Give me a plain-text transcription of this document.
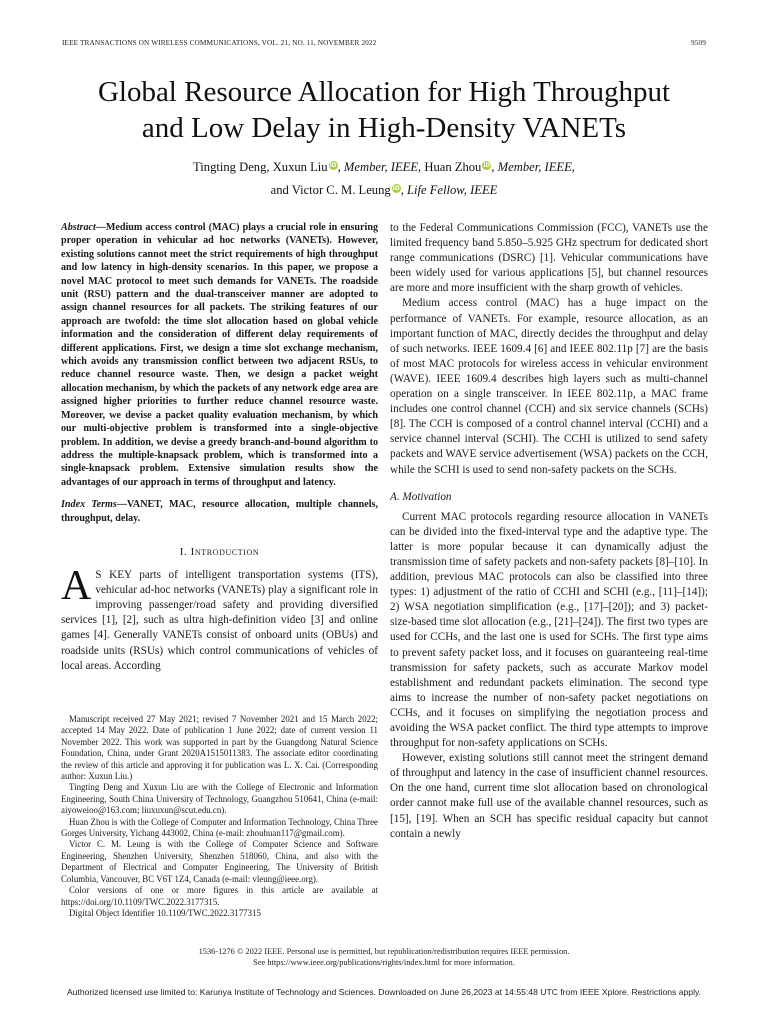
IEEE TRANSACTIONS ON WIRELESS COMMUNICATIONS, VOL. 21, NO. 11, NOVEMBER 2022	9509
Global Resource Allocation for High Throughput
and Low Delay in High-Density VANETs
Tingting Deng, Xuxun Liu iD, Member, IEEE, Huan Zhou iD, Member, IEEE,
and Victor C. M. Leung iD, Life Fellow, IEEE
Abstract—Medium access control (MAC) plays a crucial role in ensuring proper operation in vehicular ad hoc networks (VANETs). However, existing solutions cannot meet the strict requirements of high throughput and low latency in high-density scenarios. In this paper, we propose a novel MAC protocol to meet such demands for VANETs. The roadside unit (RSU) pattern and the dual-transceiver manner are adopted to assign channel resources for all packets. The striking features of our approach are twofold: the time slot allocation based on global vehicle information and the consideration of different delay requirements of different applications. First, we design a time slot exchange mechanism, which avoids any transmission conflict between two adjacent RSUs, to reduce channel resource waste. Then, we design a packet weight allocation mechanism, by which the packets of any network edge area are assigned higher priorities to further reduce channel resource waste. Moreover, we devise a packet quality evaluation mechanism, by which our multi-objective problem is transformed into a single-objective problem. In addition, we devise a greedy branch-and-bound algorithm to address the multiple-knapsack problem, which is transformed into a single-knapsack problem. Extensive simulation results show the advantages of our approach in terms of throughput and latency.
Index Terms—VANET, MAC, resource allocation, multiple channels, throughput, delay.
I. Introduction

A S KEY parts of intelligent transportation systems (ITS), vehicular ad-hoc networks (VANETs) play a significant role in improving passenger/road safety and providing diversified services [1], [2], such as ultra high-definition video [3] and online games [4]. Generally VANETs consist of onboard units (OBUs) and roadside units (RSUs) which control communications of vehicles of local areas. According

Manuscript received 27 May 2021; revised 7 November 2021 and 15 March 2022; accepted 14 May 2022. Date of publication 1 June 2022; date of current version 11 November 2022. This work was supported in part by the Guangdong Natural Science Foundation, China, under Grant 2020A1515011383. The associate editor coordinating the review of this article and approving it for publication was L. X. Cai. (Corresponding author: Xuxun Liu.)

Tingting Deng and Xuxun Liu are with the College of Electronic and Information Engineering, South China University of Technology, Guangzhou 510641, China (e-mail: aiyoweioo@163.com; liuxuxun@scut.edu.cn).

Huan Zhou is with the College of Computer and Information Technology, China Three Gorges University, Yichang 443002, China (e-mail: zhouhuan117@gmail.com).

Victor C. M. Leung is with the College of Computer Science and Software Engineering, Shenzhen University, Shenzhen 518060, China, and also with the Department of Electrical and Computer Engineering, The University of British Columbia, Vancouver, BC V6T 1Z4, Canada (e-mail: vleung@ieee.org).

Color versions of one or more figures in this article are available at https://doi.org/10.1109/TWC.2022.3177315.

Digital Object Identifier 10.1109/TWC.2022.3177315

to the Federal Communications Commission (FCC), VANETs use the limited frequency band 5.850–5.925 GHz spectrum for dedicated short range communications (DSRC) [1]. Vehicular communications have been widely used for various applications [5], but channel resources are more and more insufficient with the sharp growth of vehicles.

Medium access control (MAC) has a huge impact on the performance of VANETs. For example, resource allocation, as an important function of MAC, directly decides the throughput and delay of such networks. IEEE 1609.4 [6] and IEEE 802.11p [7] are the basis of most MAC protocols for wireless access in vehicular environment (WAVE). IEEE 1609.4 describes high layers such as multi-channel operation on a single transceiver. In IEEE 802.11p, a MAC frame includes one control channel (CCH) and six service channels (SCHs) [8]. The CCH is composed of a control channel interval (CCHI) and a service channel interval (SCHI). The CCHI is utilized to send safety packets and WAVE service advertisement (WSA) packets on the CCH, while the SCHI is used to send non-safety packets on the SCHs.

A. Motivation

Current MAC protocols regarding resource allocation in VANETs can be divided into the fixed-interval type and the adaptive type. The latter is more popular because it can dynamically adjust the transmission time of safety packets and non-safety packets [8]–[10]. In addition, previous MAC protocols can also be classified into three types: 1) adjustment of the ratio of CCHI and SCHI (e.g., [11]–[14]); 2) WSA negotiation simplification (e.g., [17]–[20]); and 3) packet-size-based time slot allocation (e.g., [21]–[24]). The first two types are used for CCHs, and the last one is used for SCHs. The first type aims to prevent safety packet loss, and it focuses on guaranteeing real-time transmission for safety packets, such as accurate Markov model establishment and redundant packets elimination. The second type aims to increase the number of non-safety packet negotiations on CCHs, and it focuses on simplifying the negotiation process and avoiding the WSA packet conflict. The third type attempts to improve throughput for non-safety applications on SCHs.

However, existing solutions still cannot meet the stringent demand of throughput and latency in the case of insufficient channel resources. On the one hand, current time slot allocation based on chronological order cannot make full use of the available channel resources, such as [15], [19]. When an SCH has specific residual capacity but cannot contain a newly

1536-1276 © 2022 IEEE. Personal use is permitted, but republication/redistribution requires IEEE permission.
See https://www.ieee.org/publications/rights/index.html for more information.
Authorized licensed use limited to: Karunya Institute of Technology and Sciences. Downloaded on June 26,2023 at 14:55:48 UTC from IEEE Xplore. Restrictions apply.
